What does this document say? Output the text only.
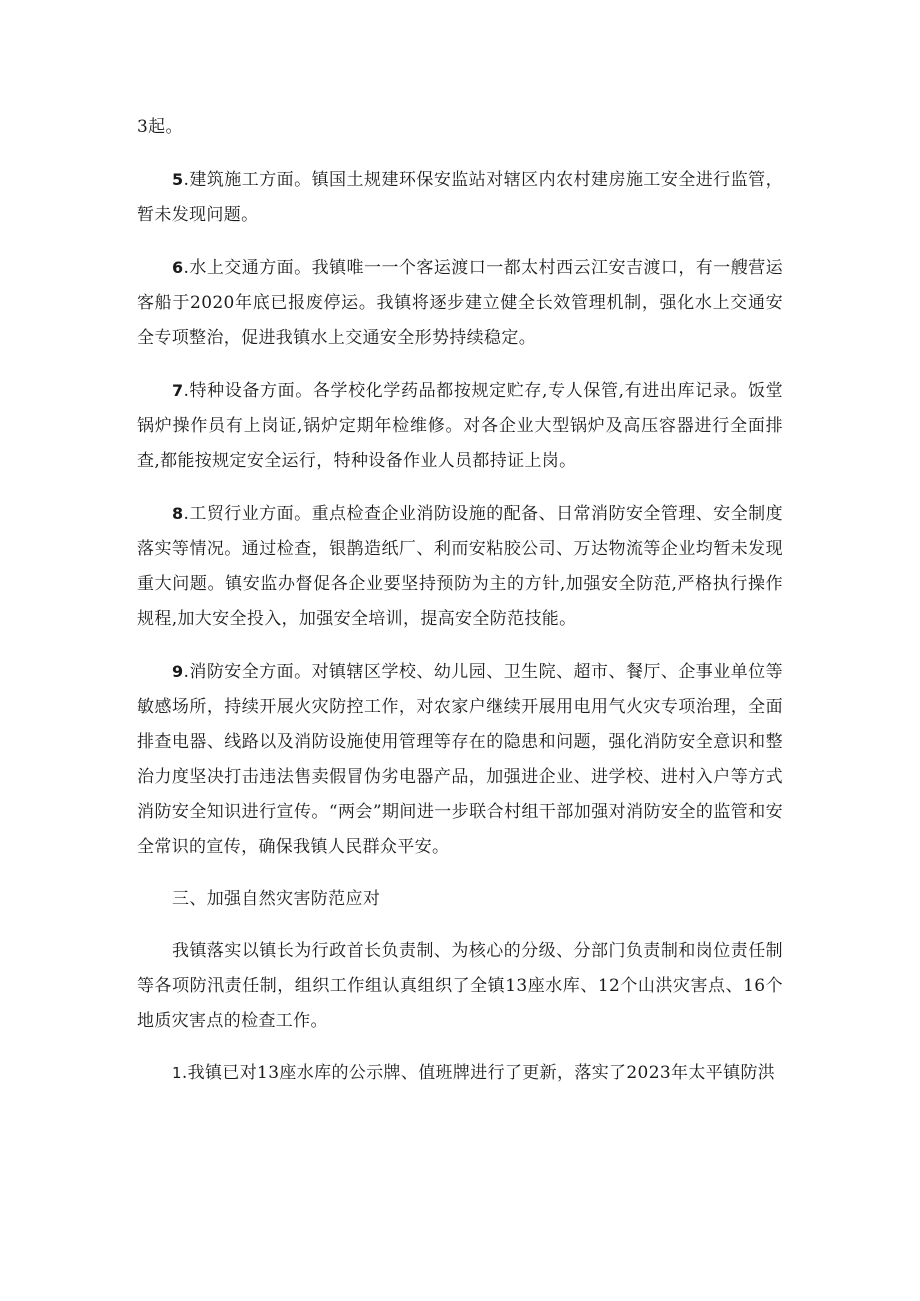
3起。

5.建筑施工方面。镇国土规建环保安监站对辖区内农村建房施工安全进行监管，暂未发现问题。

6.水上交通方面。我镇唯一一个客运渡口一都太村西云江安吉渡口，有一艘营运客船于2020年底已报废停运。我镇将逐步建立健全长效管理机制，强化水上交通安全专项整治，促进我镇水上交通安全形势持续稳定。

7.特种设备方面。各学校化学药品都按规定贮存,专人保管,有进出库记录。饭堂锅炉操作员有上岗证,锅炉定期年检维修。对各企业大型锅炉及高压容器进行全面排查,都能按规定安全运行，特种设备作业人员都持证上岗。

8.工贸行业方面。重点检查企业消防设施的配备、日常消防安全管理、安全制度落实等情况。通过检查，银鹊造纸厂、利而安粘胶公司、万达物流等企业均暂未发现重大问题。镇安监办督促各企业要坚持预防为主的方针,加强安全防范,严格执行操作规程,加大安全投入，加强安全培训，提高安全防范技能。

9.消防安全方面。对镇辖区学校、幼儿园、卫生院、超市、餐厅、企事业单位等敏感场所，持续开展火灾防控工作，对农家户继续开展用电用气火灾专项治理，全面排查电器、线路以及消防设施使用管理等存在的隐患和问题，强化消防安全意识和整治力度坚决打击违法售卖假冒伪劣电器产品，加强进企业、进学校、进村入户等方式消防安全知识进行宣传。“两会”期间进一步联合村组干部加强对消防安全的监管和安全常识的宣传，确保我镇人民群众平安。

三、加强自然灾害防范应对

我镇落实以镇长为行政首长负责制、为核心的分级、分部门负责制和岗位责任制等各项防汛责任制，组织工作组认真组织了全镇13座水库、12个山洪灾害点、16个地质灾害点的检查工作。

1.我镇已对13座水库的公示牌、值班牌进行了更新，落实了2023年太平镇防洪
